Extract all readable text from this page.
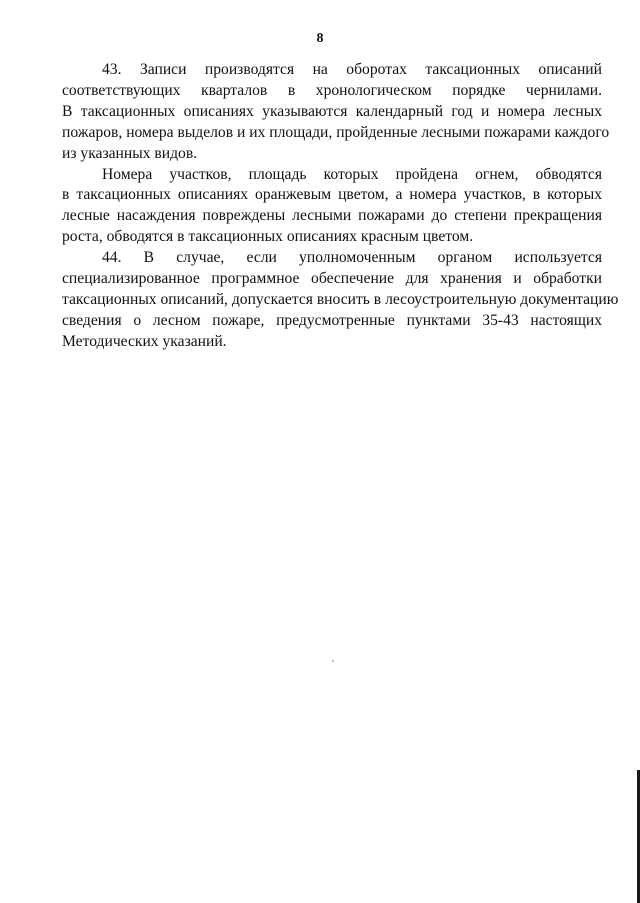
8

43. Записи производятся на оборотах таксационных описаний
соответствующих кварталов в хронологическом порядке чернилами.
В таксационных описаниях указываются календарный год и номера лесных
пожаров, номера выделов и их площади, пройденные лесными пожарами каждого
из указанных видов.

Номера участков, площадь которых пройдена огнем, обводятся
в таксационных описаниях оранжевым цветом, а номера участков, в которых
лесные насаждения повреждены лесными пожарами до степени прекращения
роста, обводятся в таксационных описаниях красным цветом.

44. В случае, если уполномоченным органом используется
специализированное программное обеспечение для хранения и обработки
таксационных описаний, допускается вносить в лесоустроительную документацию
сведения о лесном пожаре, предусмотренные пунктами 35-43 настоящих
Методических указаний.
